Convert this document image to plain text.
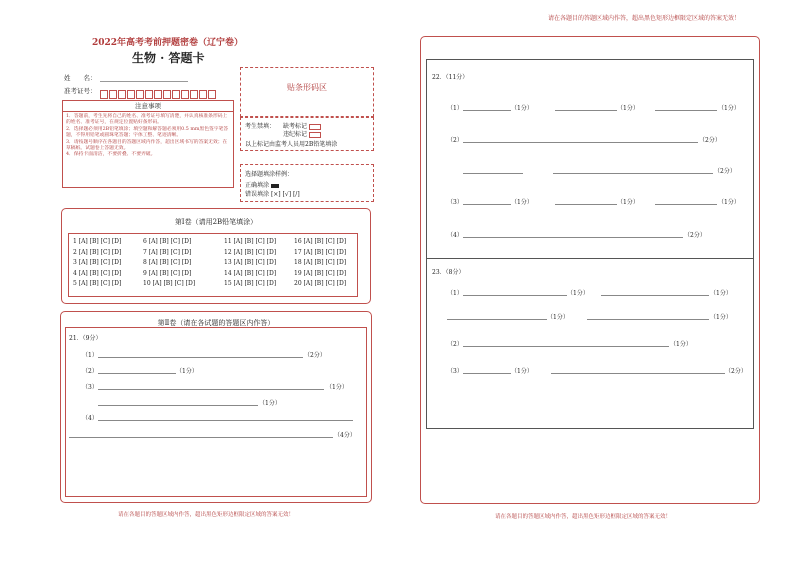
请在各题目的答题区域内作答，超出黑色矩形边框限定区域的答案无效！
2022年高考考前押题密卷（辽宁卷）
生物 · 答题卡
姓　　名：
准考证号：	贴条形码区
注意事项
1．答题前，考生先将自己的姓名、准考证号填写清楚，并认真核准条形码上的姓名、准考证号，在规定位置贴好条形码。
2．选择题必须用2B铅笔填涂；填空题和解答题必须用0.5 mm黑色签字笔答题，不得用铅笔或圆珠笔答题；字体工整、笔迹清晰。
3．请按题号顺序在各题目的答题区域内作答，超出区域书写的答案无效；在草稿纸、试题卷上答题无效。
4．保持卡面清洁，不要折叠、不要弄破。
考生禁填： 缺考标记
违纪标记
以上标记由监考人员用2B铅笔填涂
选择题填涂样例：
正确填涂
错误填涂 [×] [√] [/]
第Ⅰ卷（请用2B铅笔填涂）
1 [A] [B] [C] [D]
2 [A] [B] [C] [D]
3 [A] [B] [C] [D]
4 [A] [B] [C] [D]
5 [A] [B] [C] [D]
6 [A] [B] [C] [D]
7 [A] [B] [C] [D]
8 [A] [B] [C] [D]
9 [A] [B] [C] [D]
10 [A] [B] [C] [D]
11 [A] [B] [C] [D]
12 [A] [B] [C] [D]
13 [A] [B] [C] [D]
14 [A] [B] [C] [D]
15 [A] [B] [C] [D]
16 [A] [B] [C] [D]
17 [A] [B] [C] [D]
18 [A] [B] [C] [D]
19 [A] [B] [C] [D]
20 [A] [B] [C] [D]
第Ⅱ卷（请在各试题的答题区内作答）
21．（9分）
（1）	（2分）
（2）	（1分）
（3）	（1分）
（1分）
（4）
（4分）
请在各题目的答题区域内作答，超出黑色矩形边框限定区域的答案无效！
22．（11分）
（1）	（1分）	（1分）	（1分）
（2）	（2分）
（2分）
（3）	（1分）	（1分）	（1分）
（4）	（2分）
23．（8分）
（1）	（1分）	（1分）
（1分）	（1分）
（2）	（1分）
（3）	（1分）	（2分）
请在各题目的答题区域内作答，超出黑色矩形边框限定区域的答案无效！
